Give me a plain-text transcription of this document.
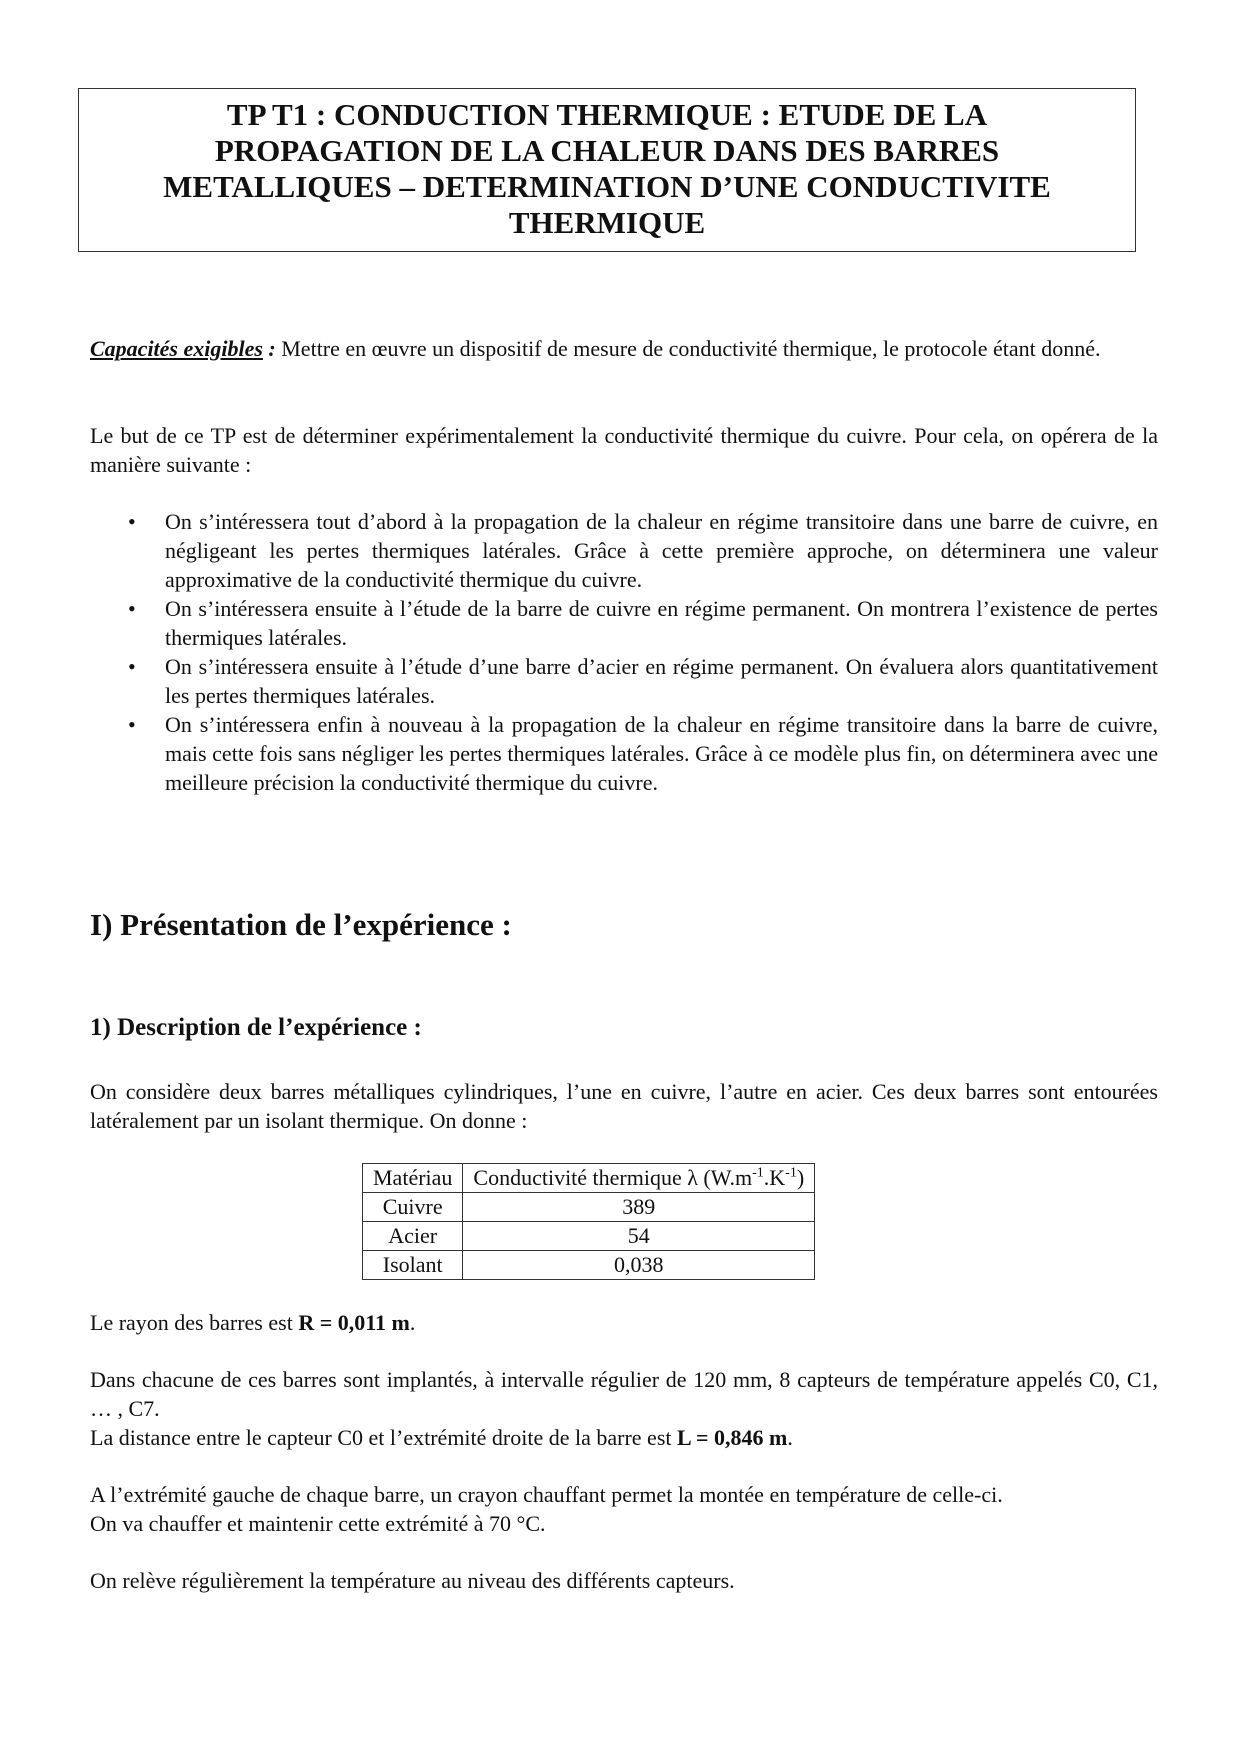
TP T1 : CONDUCTION THERMIQUE : ETUDE DE LA
PROPAGATION DE LA CHALEUR DANS DES BARRES
METALLIQUES – DETERMINATION D’UNE CONDUCTIVITE
THERMIQUE

Capacités exigibles : Mettre en œuvre un dispositif de mesure de conductivité thermique, le protocole étant donné.

Le but de ce TP est de déterminer expérimentalement la conductivité thermique du cuivre. Pour cela, on opérera de la manière suivante :

• On s’intéressera tout d’abord à la propagation de la chaleur en régime transitoire dans une barre de cuivre, en négligeant les pertes thermiques latérales. Grâce à cette première approche, on déterminera une valeur approximative de la conductivité thermique du cuivre.
• On s’intéressera ensuite à l’étude de la barre de cuivre en régime permanent. On montrera l’existence de pertes thermiques latérales.
• On s’intéressera ensuite à l’étude d’une barre d’acier en régime permanent. On évaluera alors quantitativement les pertes thermiques latérales.
• On s’intéressera enfin à nouveau à la propagation de la chaleur en régime transitoire dans la barre de cuivre, mais cette fois sans négliger les pertes thermiques latérales. Grâce à ce modèle plus fin, on déterminera avec une meilleure précision la conductivité thermique du cuivre.
I) Présentation de l’expérience :
1) Description de l’expérience :

On considère deux barres métalliques cylindriques, l’une en cuivre, l’autre en acier. Ces deux barres sont entourées latéralement par un isolant thermique. On donne :

Matériau	Conductivité thermique λ $(W.m^{-1}.K^{-1})$
Cuivre	389
Acier	54
Isolant	0,038

Le rayon des barres est R = 0,011 m.

Dans chacune de ces barres sont implantés, à intervalle régulier de 120 mm, 8 capteurs de température appelés C0, C1, … , C7.

La distance entre le capteur C0 et l’extrémité droite de la barre est L = 0,846 m.

A l’extrémité gauche de chaque barre, un crayon chauffant permet la montée en température de celle-ci.

On va chauffer et maintenir cette extrémité à 70 °C.

On relève régulièrement la température au niveau des différents capteurs.
